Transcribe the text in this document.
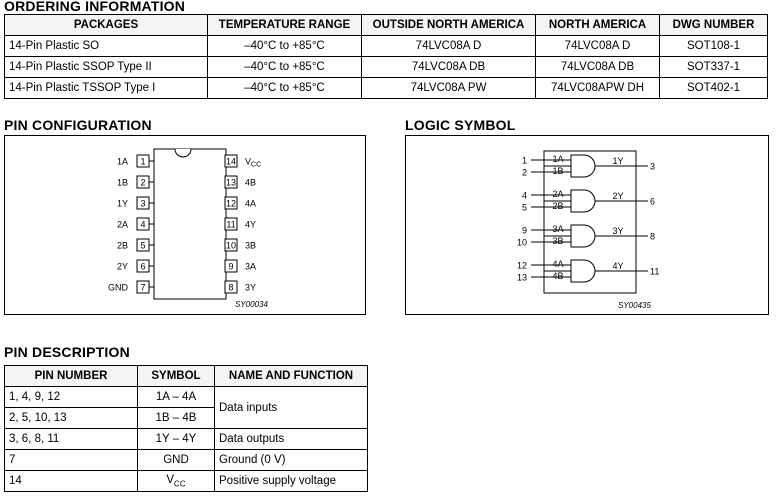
ORDERING INFORMATION
PACKAGES	TEMPERATURE RANGE	OUTSIDE NORTH AMERICA	NORTH AMERICA	DWG NUMBER
14-Pin Plastic SO	–40°C to +85°C	74LVC08A D	74LVC08A D	SOT108-1
14-Pin Plastic SSOP Type II	–40°C to +85°C	74LVC08A DB	74LVC08A DB	SOT337-1
14-Pin Plastic TSSOP Type I	–40°C to +85°C	74LVC08A PW	74LVC08APW DH	SOT402-1
PIN CONFIGURATION
SY00034
1
1A
2
1B
3
1Y
4
2A
5
2B
6
2Y
7
GND
14 $V_{CC}$
13 4B
12 4A
11 4Y
10 3B
9 3A
8 3Y
LOGIC SYMBOL
SY00435
1
2
1A
1B
1Y
3
4
5
2A
2B
2Y
6
9
10
3A
3B
3Y
8
12
13
4A
4B
4Y
11
PIN DESCRIPTION
PIN NUMBER	SYMBOL	NAME AND FUNCTION
1, 4, 9, 12	1A – 4A	Data inputs
2, 5, 10, 13	1B – 4B	
3, 6, 8, 11	1Y – 4Y	Data outputs
7	GND	Ground (0 V)
14	$V_{CC}$	Positive supply voltage
